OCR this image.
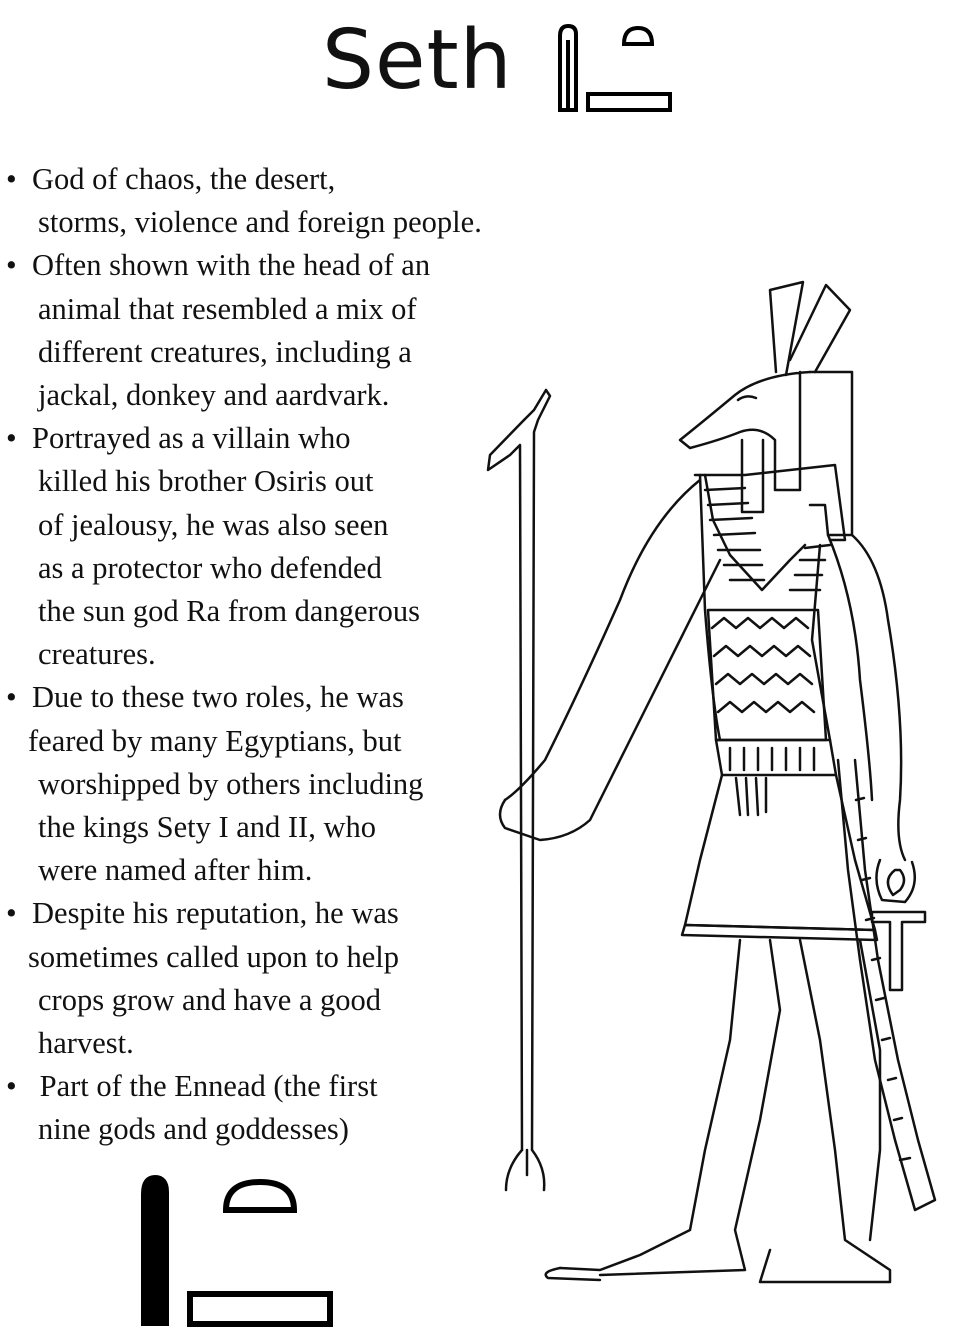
Seth
• God of chaos, the desert,
storms, violence and foreign people.
• Often shown with the head of an
animal that resembled a mix of
different creatures, including a
jackal, donkey and aardvark.
• Portrayed as a villain who
killed his brother Osiris out
of jealousy, he was also seen
as a protector who defended
the sun god Ra from dangerous
creatures.
• Due to these two roles, he was
feared by many Egyptians, but
worshipped by others including
the kings Sety I and II, who
were named after him.
• Despite his reputation, he was
sometimes called upon to help
crops grow and have a good
harvest.
• Part of the Ennead (the first
nine gods and goddesses)
